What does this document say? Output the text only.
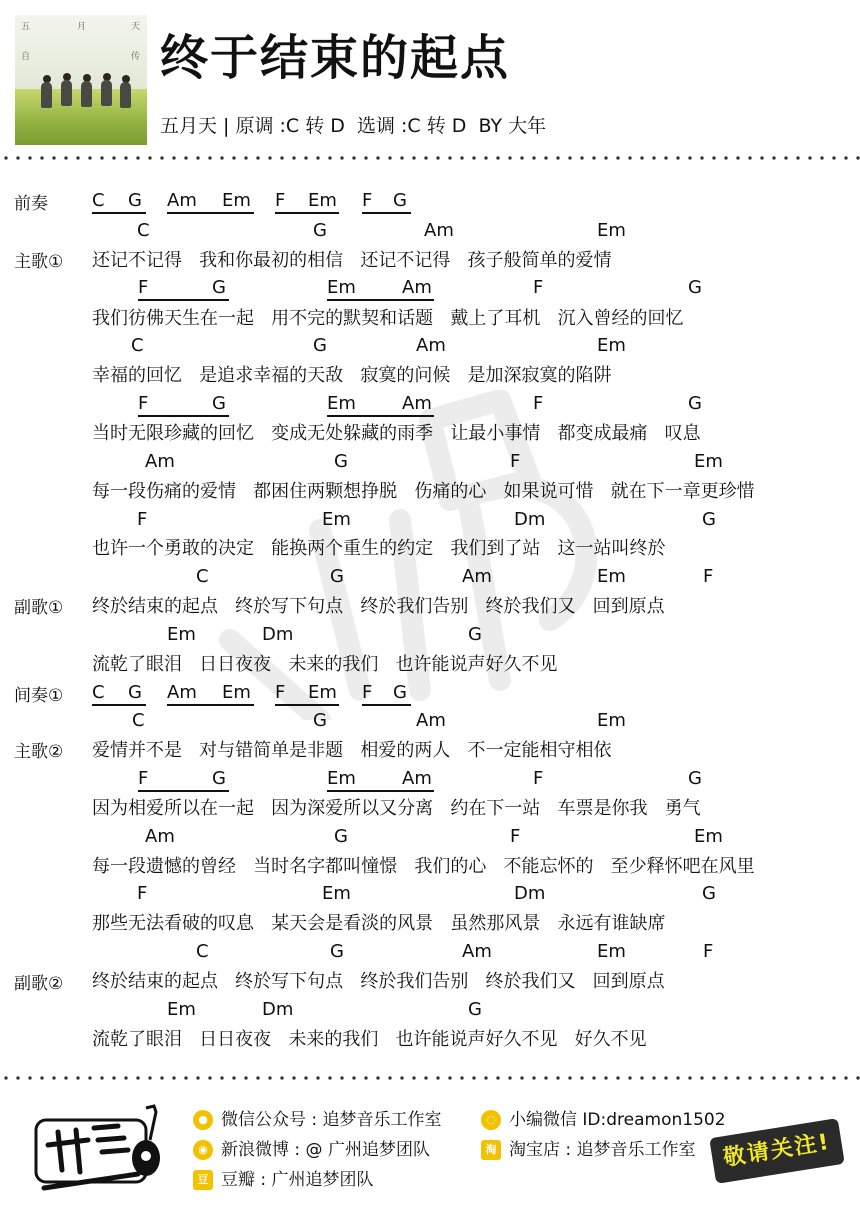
五	月	天
自	传 终于结束的起点
五月天 | 原调 :C 转 D  选调 :C 转 D  BY 大年
前奏
主歌①
副歌①
间奏①
主歌②
副歌②
C G Am Em F Em F G
C	G	Am	Em
F	G	Em	Am	F	G
C	G	Am	Em
F	G	Em	Am	F	G
Am	G	F	Em
F	Em	Dm	G
C	G	Am	Em	F
Em	Dm	G
C G Am Em F Em F G
C	G	Am	Em
F	G	Em	Am	F	G
Am	G	F	Em
F	Em	Dm	G
C	G	Am	Em	F
Em	Dm	G
还记不记得   我和你最初的相信   还记不记得   孩子般简单的爱情
我们彷佛天生在一起   用不完的默契和话题   戴上了耳机   沉入曾经的回忆
幸福的回忆   是追求幸福的天敌   寂寞的问候   是加深寂寞的陷阱
当时无限珍藏的回忆   变成无处躲藏的雨季   让最小事情   都变成最痛   叹息
每一段伤痛的爱情   都困住两颗想挣脱   伤痛的心   如果说可惜   就在下一章更珍惜
也许一个勇敢的决定   能换两个重生的约定   我们到了站   这一站叫终於
终於结束的起点   终於写下句点   终於我们告别   终於我们又   回到原点
流乾了眼泪   日日夜夜   未来的我们   也许能说声好久不见
爱情并不是   对与错简单是非题   相爱的两人   不一定能相守相依
因为相爱所以在一起   因为深爱所以又分离   约在下一站   车票是你我   勇气
每一段遗憾的曾经   当时名字都叫憧憬   我们的心   不能忘怀的   至少释怀吧在风里
那些无法看破的叹息   某天会是看淡的风景   虽然那风景   永远有谁缺席
终於结束的起点   终於写下句点   终於我们告别   终於我们又   回到原点
流乾了眼泪   日日夜夜   未来的我们   也许能说声好久不见   好久不见
● 微信公众号 : 追梦音乐工作室
◉ 新浪微博 : @ 广州追梦团队
豆 豆瓣 : 广州追梦团队
◌ 小编微信 ID:dreamon1502
淘 淘宝店 : 追梦音乐工作室	敬请关注!
